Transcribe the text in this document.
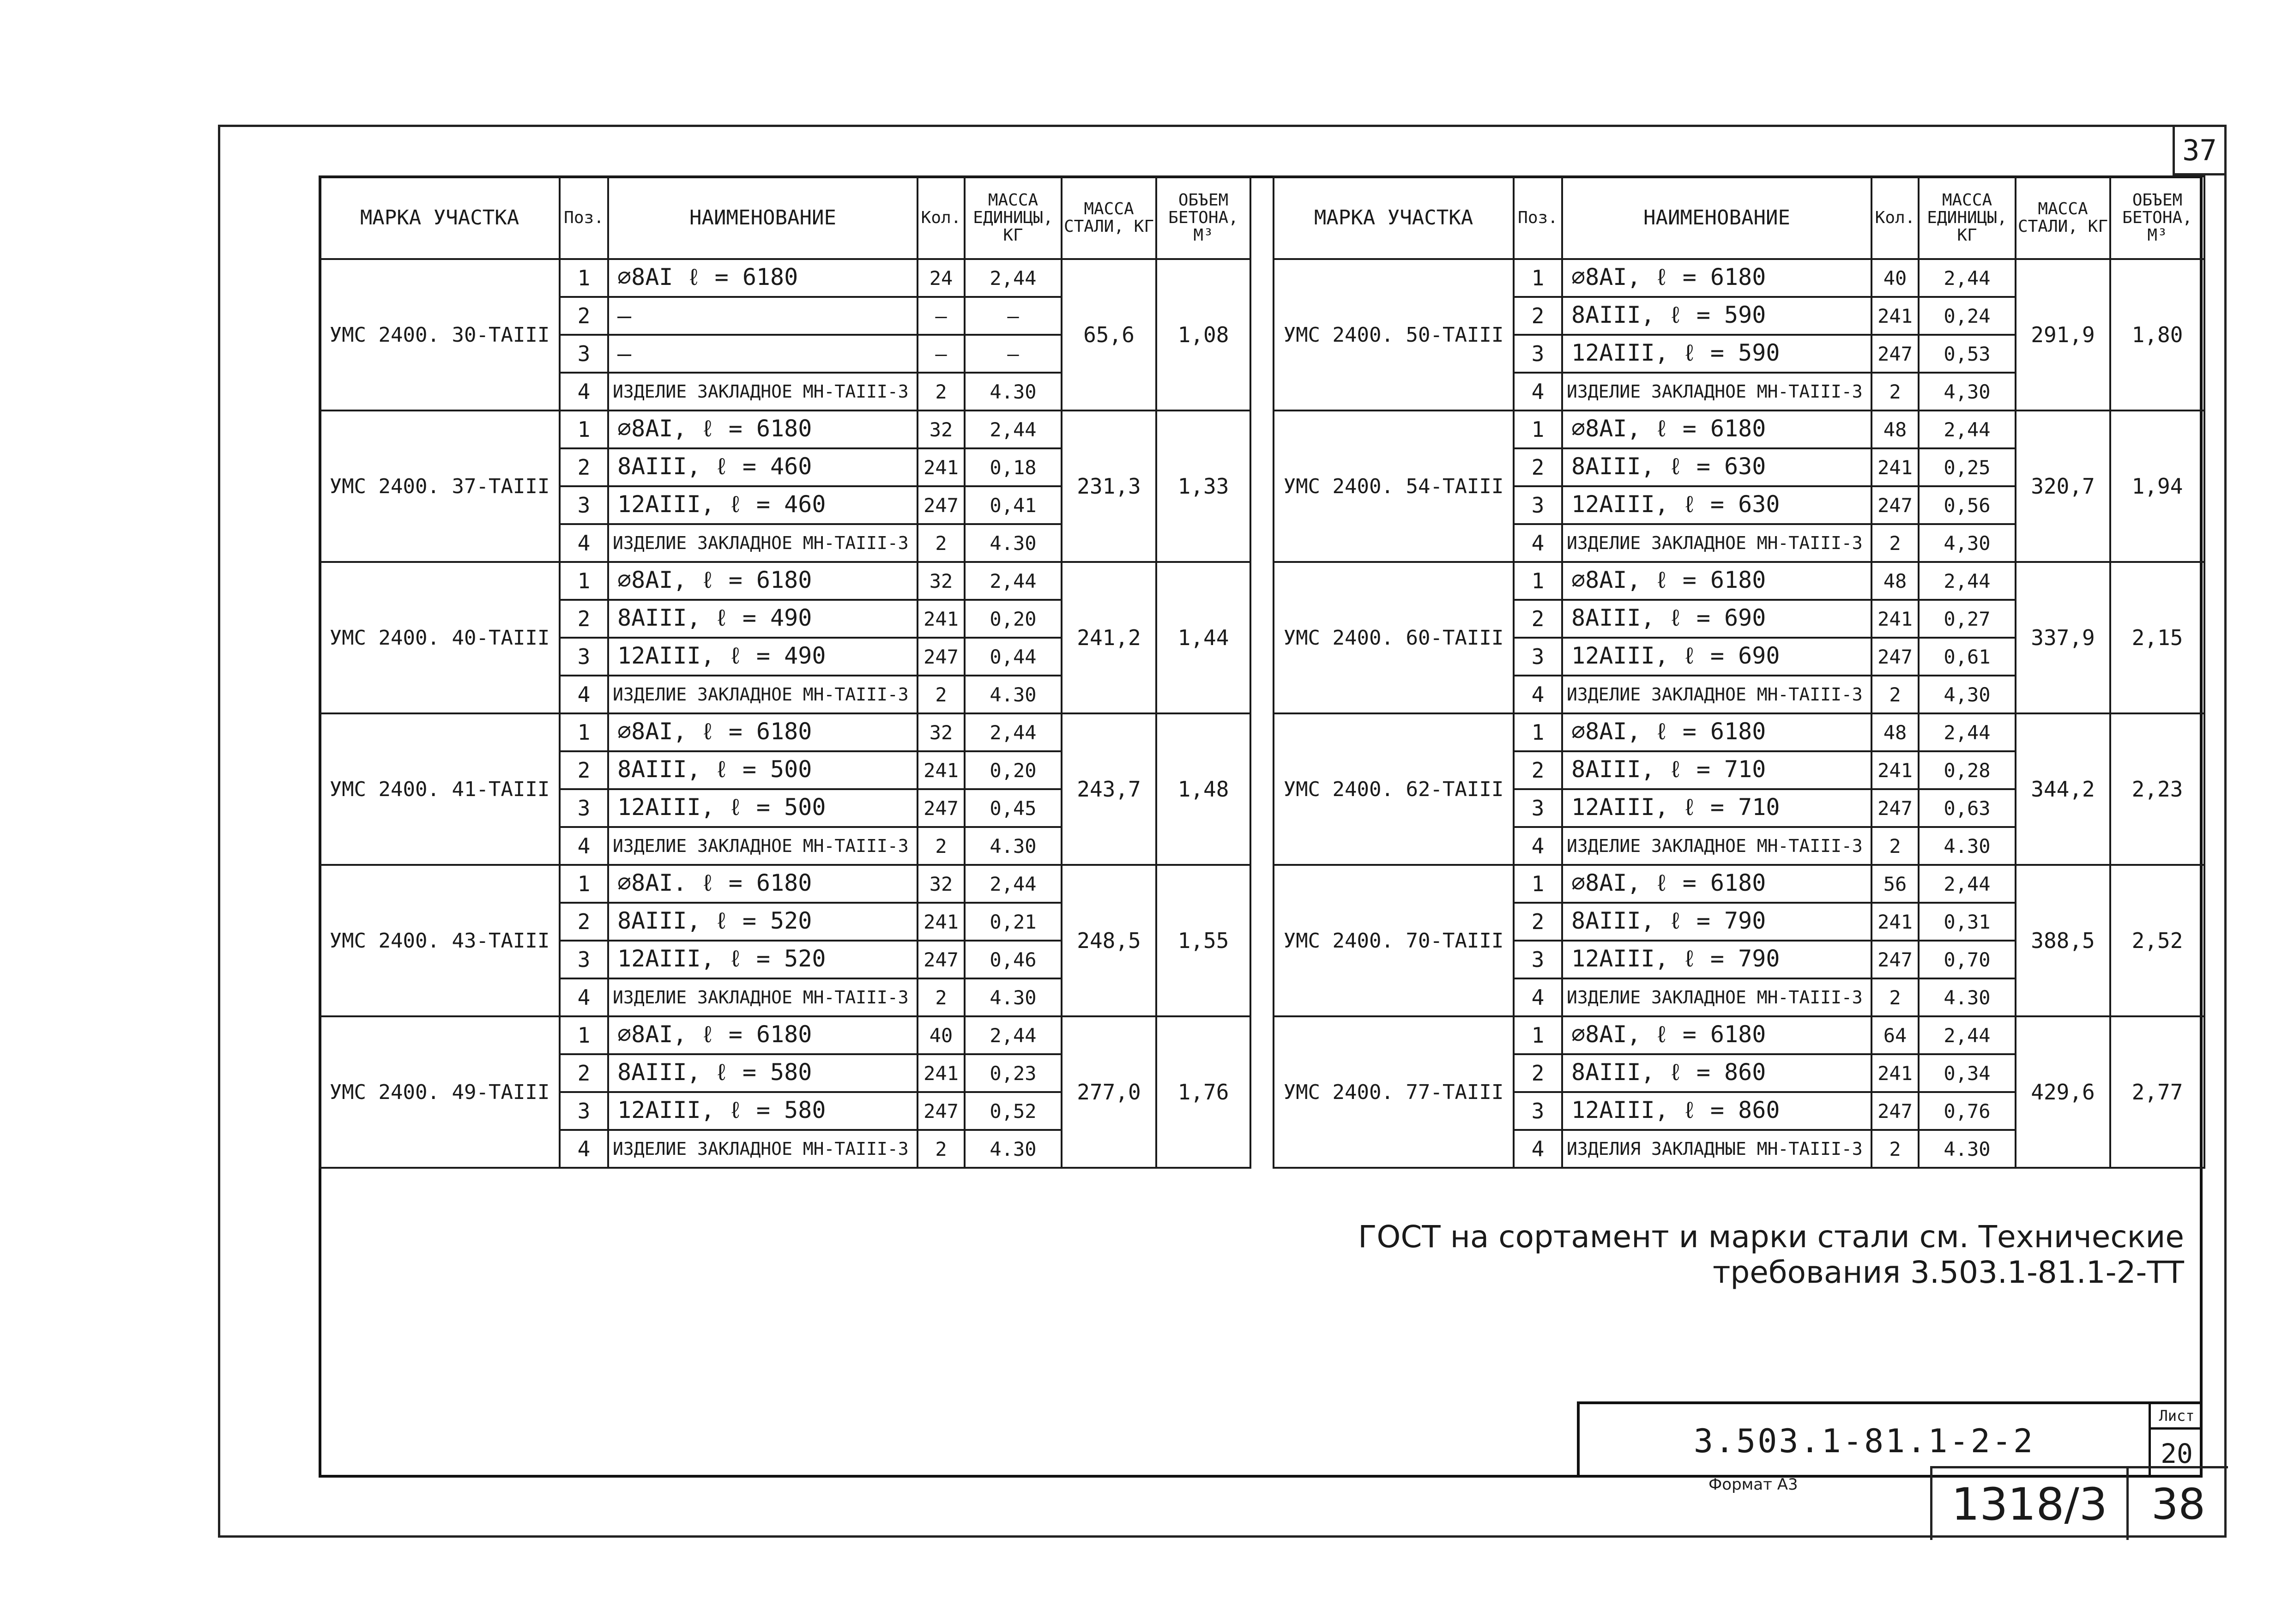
37
МАРКА УЧАСТКА	Поз.	НАИМЕНОВАНИЕ	Кол.	МАССА ЕДИНИЦЫ, КГ	МАССА СТАЛИ, КГ	ОБЪЕМ БЕТОНА, М³
УМС 2400. 30-ТАIII	1	⌀8AI ℓ = 6180	24	2,44	65,6	1,08
	2	—	—	—		
	3	—	—	—		
	4	ИЗДЕЛИЕ ЗАКЛАДНОЕ МН-ТАIII-3	2	4.30		
УМС 2400. 37-ТАIII	1	⌀8AI, ℓ = 6180	32	2,44	231,3	1,33
	2	8AIII, ℓ = 460	241	0,18		
	3	12AIII, ℓ = 460	247	0,41		
	4	ИЗДЕЛИЕ ЗАКЛАДНОЕ МН-ТАIII-3	2	4.30		
УМС 2400. 40-ТАIII	1	⌀8AI, ℓ = 6180	32	2,44	241,2	1,44
	2	8AIII, ℓ = 490	241	0,20		
	3	12AIII, ℓ = 490	247	0,44		
	4	ИЗДЕЛИЕ ЗАКЛАДНОЕ МН-ТАIII-3	2	4.30		
УМС 2400. 41-ТАIII	1	⌀8AI, ℓ = 6180	32	2,44	243,7	1,48
	2	8AIII, ℓ = 500	241	0,20		
	3	12AIII, ℓ = 500	247	0,45		
	4	ИЗДЕЛИЕ ЗАКЛАДНОЕ МН-ТАIII-3	2	4.30		
УМС 2400. 43-ТАIII	1	⌀8AI. ℓ = 6180	32	2,44	248,5	1,55
	2	8AIII, ℓ = 520	241	0,21		
	3	12AIII, ℓ = 520	247	0,46		
	4	ИЗДЕЛИЕ ЗАКЛАДНОЕ МН-ТАIII-3	2	4.30		
УМС 2400. 49-ТАIII	1	⌀8AI, ℓ = 6180	40	2,44	277,0	1,76
	2	8AIII, ℓ = 580	241	0,23		
	3	12AIII, ℓ = 580	247	0,52		
	4	ИЗДЕЛИЕ ЗАКЛАДНОЕ МН-ТАIII-3	2	4.30		
МАРКА УЧАСТКА	Поз.	НАИМЕНОВАНИЕ	Кол.	МАССА ЕДИНИЦЫ, КГ	МАССА СТАЛИ, КГ	ОБЪЕМ БЕТОНА, М³
УМС 2400. 50-ТАIII	1	⌀8AI, ℓ = 6180	40	2,44	291,9	1,80
	2	8AIII, ℓ = 590	241	0,24		
	3	12AIII, ℓ = 590	247	0,53		
	4	ИЗДЕЛИЕ ЗАКЛАДНОЕ МН-ТАIII-3	2	4,30		
УМС 2400. 54-ТАIII	1	⌀8AI, ℓ = 6180	48	2,44	320,7	1,94
	2	8AIII, ℓ = 630	241	0,25		
	3	12AIII, ℓ = 630	247	0,56		
	4	ИЗДЕЛИЕ ЗАКЛАДНОЕ МН-ТАIII-3	2	4,30		
УМС 2400. 60-ТАIII	1	⌀8AI, ℓ = 6180	48	2,44	337,9	2,15
	2	8AIII, ℓ = 690	241	0,27		
	3	12AIII, ℓ = 690	247	0,61		
	4	ИЗДЕЛИЕ ЗАКЛАДНОЕ МН-ТАIII-3	2	4,30		
УМС 2400. 62-ТАIII	1	⌀8AI, ℓ = 6180	48	2,44	344,2	2,23
	2	8AIII, ℓ = 710	241	0,28		
	3	12AIII, ℓ = 710	247	0,63		
	4	ИЗДЕЛИЕ ЗАКЛАДНОЕ МН-ТАIII-3	2	4.30		
УМС 2400. 70-ТАIII	1	⌀8AI, ℓ = 6180	56	2,44	388,5	2,52
	2	8AIII, ℓ = 790	241	0,31		
	3	12AIII, ℓ = 790	247	0,70		
	4	ИЗДЕЛИЕ ЗАКЛАДНОЕ МН-ТАIII-3	2	4.30		
УМС 2400. 77-ТАIII	1	⌀8AI, ℓ = 6180	64	2,44	429,6	2,77
	2	8AIII, ℓ = 860	241	0,34		
	3	12AIII, ℓ = 860	247	0,76		
	4	ИЗДЕЛИЯ ЗАКЛАДНЫЕ МН-ТАIII-3	2	4.30		
ГОСТ на сортамент и марки стали см. Технические требования 3.503.1-81.1-2-ТТ
3.503.1-81.1-2-2
Лист
20
Формат А3	1318/3	38
